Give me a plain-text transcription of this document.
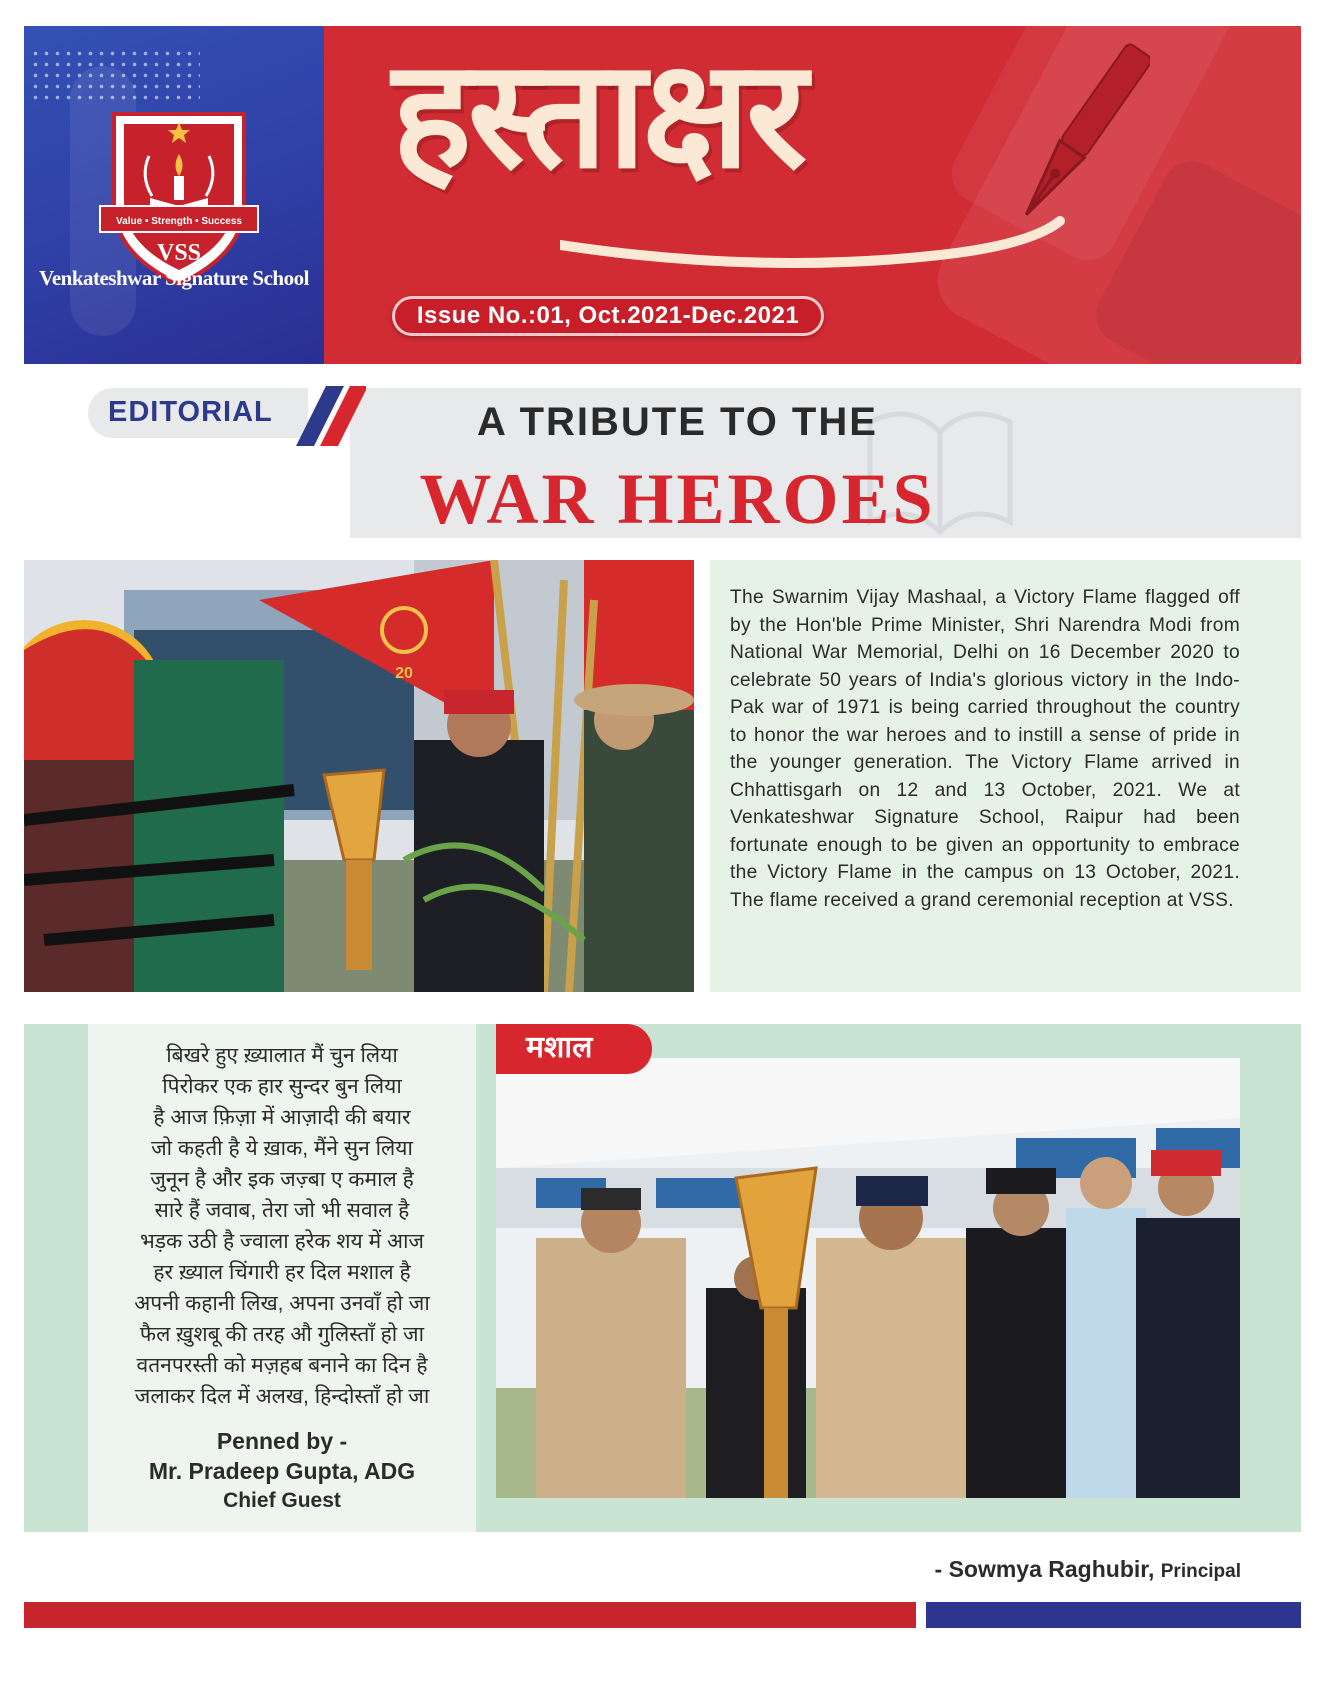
Value • Strength • Success
VSS
Venkateshwar Signature School
हस्ताक्षर
Issue No.:01, Oct.2021-Dec.2021
EDITORIAL	A TRIBUTE TO THE
WAR HEROES
20
The Swarnim Vijay Mashaal, a Victory Flame flagged off by the Hon'ble Prime Minister, Shri Narendra Modi from National War Memorial, Delhi on 16 December 2020 to celebrate 50 years of India's glorious victory in the Indo-Pak war of 1971 is being carried throughout the country to honor the war heroes and to instill a sense of pride in the younger generation. The Victory Flame arrived in Chhattisgarh on 12 and 13 October, 2021. We at Venkateshwar Signature School, Raipur had been fortunate enough to be given an opportunity to embrace the Victory Flame in the campus on 13 October, 2021. The flame received a grand ceremonial reception at VSS.
बिखरे हुए ख़्यालात मैं चुन लिया
पिरोकर एक हार सुन्दर बुन लिया
है आज फ़िज़ा में आज़ादी की बयार
जो कहती है ये ख़ाक, मैंने सुन लिया
जुनून है और इक जज़्बा ए कमाल है
सारे हैं जवाब, तेरा जो भी सवाल है
भड़क उठी है ज्वाला हरेक शय में आज
हर ख़्याल चिंगारी हर दिल मशाल है
अपनी कहानी लिख, अपना उनवाँ हो जा
फैल ख़ुशबू की तरह औ गुलिस्ताँ हो जा
वतनपरस्ती को मज़हब बनाने का दिन है
जलाकर दिल में अलख, हिन्दोस्ताँ हो जा
Penned by -
Mr. Pradeep Gupta, ADG
Chief Guest
मशाल
- Sowmya Raghubir, Principal
